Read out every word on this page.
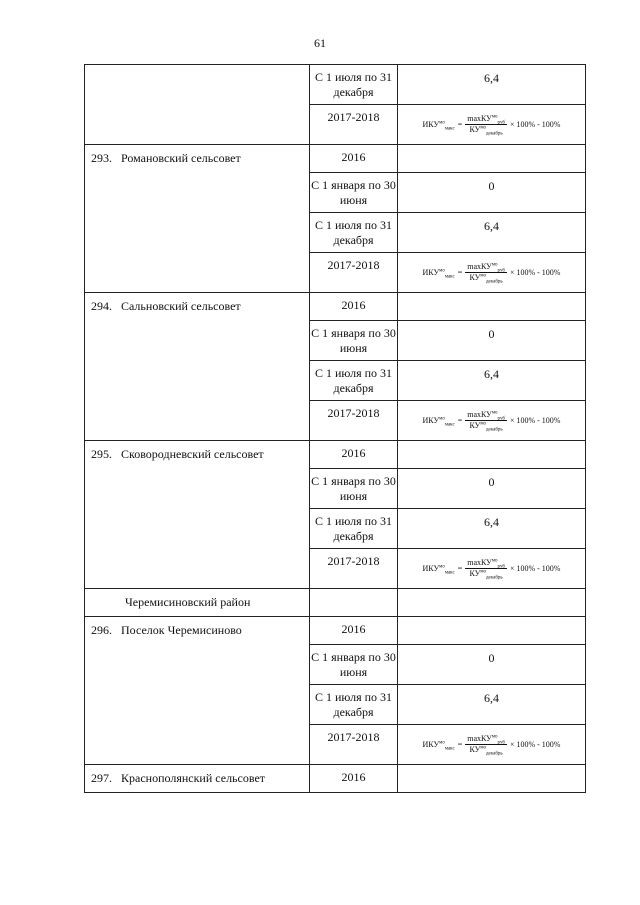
61
	С 1 июля по 31 декабря	6,4
	2017-2018	$ИКУ^{мо}_{макс} = \frac{\max КУ^{мо}_{руб}}{КУ^{мо}_{декабрь}} \times 100\% - 100\%$

293. Романовский сельсовет	2016	
	С 1 января по 30 июня	0
	С 1 июля по 31 декабря	6,4
	2017-2018	$ИКУ^{мо}_{макс} = \frac{\max КУ^{мо}_{руб}}{КУ^{мо}_{декабрь}} \times 100\% - 100\%$

294. Сальновский сельсовет	2016	
	С 1 января по 30 июня	0
	С 1 июля по 31 декабря	6,4
	2017-2018	$ИКУ^{мо}_{макс} = \frac{\max КУ^{мо}_{руб}}{КУ^{мо}_{декабрь}} \times 100\% - 100\%$

295. Сковородневский сельсовет	2016	
	С 1 января по 30 июня	0
	С 1 июля по 31 декабря	6,4
	2017-2018	$ИКУ^{мо}_{макс} = \frac{\max КУ^{мо}_{руб}}{КУ^{мо}_{декабрь}} \times 100\% - 100\%$

Черемисиновский район		
296. Поселок Черемисиново	2016	
	С 1 января по 30 июня	0
	С 1 июля по 31 декабря	6,4
	2017-2018	$ИКУ^{мо}_{макс} = \frac{\max КУ^{мо}_{руб}}{КУ^{мо}_{декабрь}} \times 100\% - 100\%$

297. Краснополянский сельсовет	2016	
